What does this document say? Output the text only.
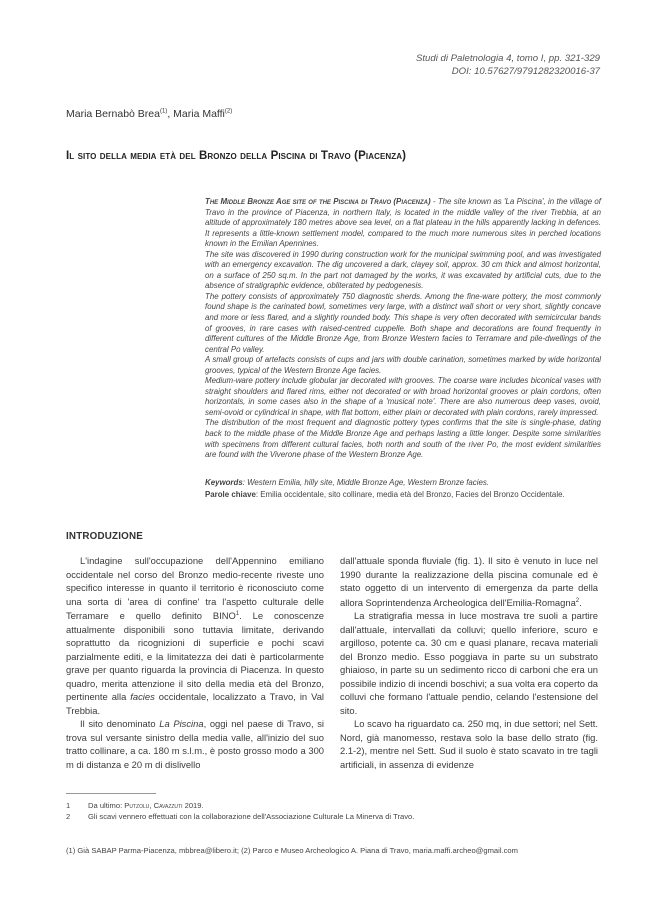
Studi di Paletnologia 4, tomo I, pp. 321-329
DOI: 10.57627/9791282320016-37
Maria Bernabò Brea$^{(1)}$, Maria Maffi$^{(2)}$
Il sito della media età del Bronzo della Piscina di Travo (Piacenza)

The Middle Bronze Age site of the Piscina di Travo (Piacenza) - The site known as 'La Piscina', in the village of Travo in the province of Piacenza, in northern Italy, is located in the middle valley of the river Trebbia, at an altitude of approximately 180 metres above sea level, on a flat plateau in the hills apparently lacking in defences. It represents a little-known settlement model, compared to the much more numerous sites in perched locations known in the Emilian Apennines.

The site was discovered in 1990 during construction work for the municipal swimming pool, and was investigated with an emergency excavation. The dig uncovered a dark, clayey soil, approx. 30 cm thick and almost horizontal, on a surface of 250 sq.m. In the part not damaged by the works, it was excavated by artificial cuts, due to the absence of stratigraphic evidence, obliterated by pedogenesis.

The pottery consists of approximately 750 diagnostic sherds. Among the fine-ware pottery, the most commonly found shape is the carinated bowl, sometimes very large, with a distinct wall short or very short, slightly concave and more or less flared, and a slightly rounded body. This shape is very often decorated with semicircular bands of grooves, in rare cases with raised-centred cuppelle. Both shape and decorations are found frequently in different cultures of the Middle Bronze Age, from Bronze Western facies to Terramare and pile-dwellings of the central Po valley.

A small group of artefacts consists of cups and jars with double carination, sometimes marked by wide horizontal grooves, typical of the Western Bronze Age facies.

Medium-ware pottery include globular jar decorated with grooves. The coarse ware includes biconical vases with straight shoulders and flared rims, either not decorated or with broad horizontal grooves or plain cordons, often horizontals, in some cases also in the shape of a 'musical note'. There are also numerous deep vases, ovoid, semi-ovoid or cylindrical in shape, with flat bottom, either plain or decorated with plain cordons, rarely impressed.

The distribution of the most frequent and diagnostic pottery types confirms that the site is single-phase, dating back to the middle phase of the Middle Bronze Age and perhaps lasting a little longer. Despite some similarities with specimens from different cultural facies, both north and south of the river Po, the most evident similarities are found with the Viverone phase of the Western Bronze Age.

Keywords: Western Emilia, hilly site, Middle Bronze Age, Western Bronze facies.
Parole chiave: Emilia occidentale, sito collinare, media età del Bronzo, Facies del Bronzo Occidentale.
INTRODUZIONE

L'indagine sull'occupazione dell'Appennino emiliano occidentale nel corso del Bronzo medio-recente riveste uno specifico interesse in quanto il territorio è riconosciuto come una sorta di 'area di confine' tra l'aspetto culturale delle Terramare e quello definito BINO$^1$. Le conoscenze attualmente disponibili sono tuttavia limitate, derivando soprattutto da ricognizioni di superficie e pochi scavi parzialmente editi, e la limitatezza dei dati è particolarmente grave per quanto riguarda la provincia di Piacenza. In questo quadro, merita attenzione il sito della media età del Bronzo, pertinente alla facies occidentale, localizzato a Travo, in Val Trebbia.

Il sito denominato La Piscina, oggi nel paese di Travo, si trova sul versante sinistro della media valle, all'inizio del suo tratto collinare, a ca. 180 m s.l.m., è posto grosso modo a 300 m di distanza e 20 m di dislivello

dall'attuale sponda fluviale (fig. 1). Il sito è venuto in luce nel 1990 durante la realizzazione della piscina comunale ed è stato oggetto di un intervento di emergenza da parte della allora Soprintendenza Archeologica dell'Emilia-Romagna$^2$.

La stratigrafia messa in luce mostrava tre suoli a partire dall'attuale, intervallati da colluvi; quello inferiore, scuro e argilloso, potente ca. 30 cm e quasi planare, recava materiali del Bronzo medio. Esso poggiava in parte su un substrato ghiaioso, in parte su un sedimento ricco di carboni che era un possibile indizio di incendi boschivi; a sua volta era coperto da colluvi che formano l'attuale pendio, celando l'estensione del sito.

Lo scavo ha riguardato ca. 250 mq, in due settori; nel Sett. Nord, già manomesso, restava solo la base dello strato (fig. 2.1-2), mentre nel Sett. Sud il suolo è stato scavato in tre tagli artificiali, in assenza di evidenze

1 Da ultimo: Putzolu, Cavazzuti 2019.
2 Gli scavi vennero effettuati con la collaborazione dell'Associazione Culturale La Minerva di Travo.
(1) Già SABAP Parma-Piacenza, mbbrea@libero.it; (2) Parco e Museo Archeologico A. Piana di Travo, maria.maffi.archeo@gmail.com
